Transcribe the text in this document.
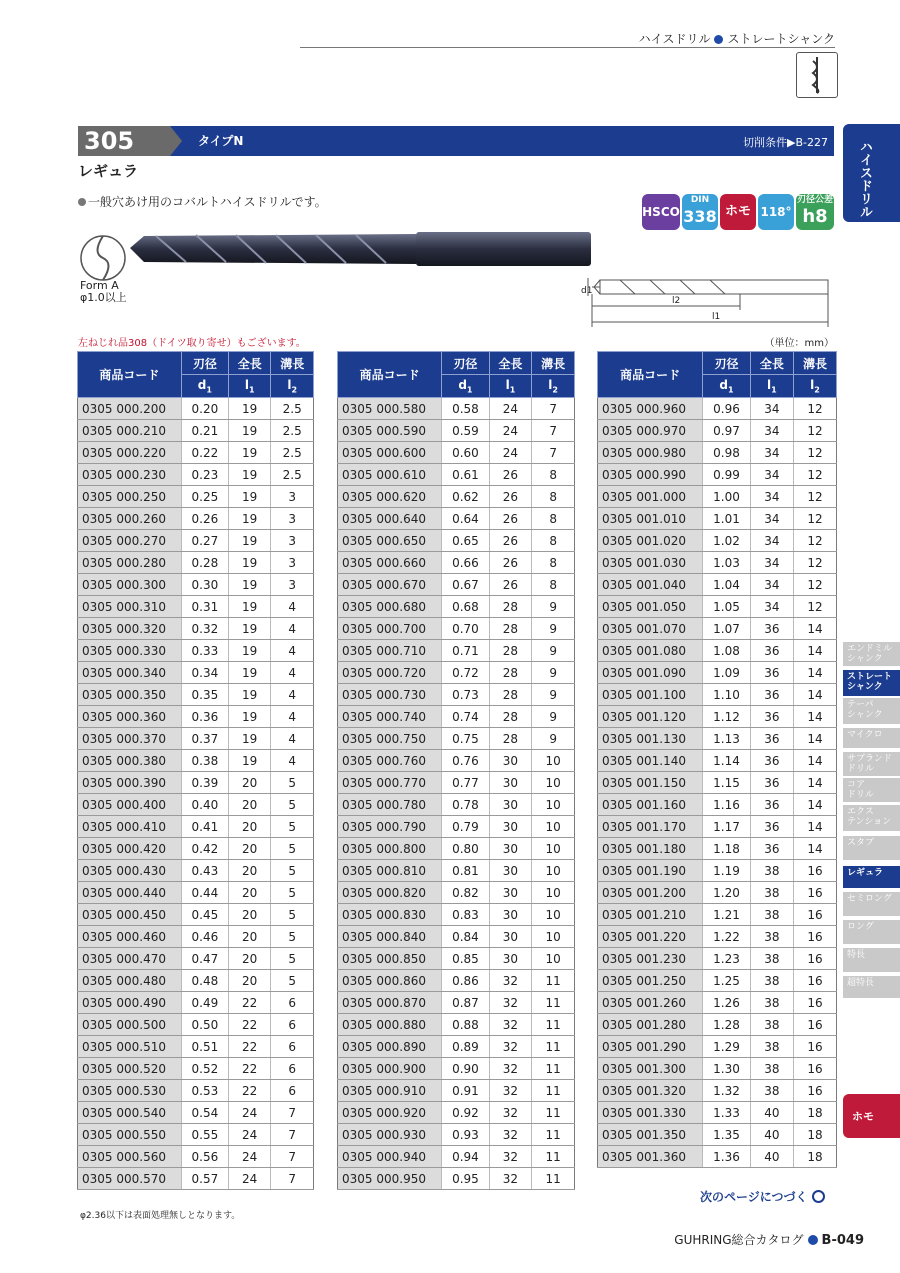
ハイスドリル ストレートシャンク
305	タイプN	切削条件▶B-227
レギュラ
一般穴あけ用のコバルトハイスドリルです。
HSCO
DIN
338 ホモ 118°
刃径公差
h8
Form A
φ1.0以上	d1
l2
l1
左ねじれ品308（ドイツ取り寄せ）もございます。	（単位：mm）
商品コード	刃径	全長	溝長
	$d_1$	$l_1$	$l_2$
0305 000.200	0.20	19	2.5
0305 000.210	0.21	19	2.5
0305 000.220	0.22	19	2.5
0305 000.230	0.23	19	2.5
0305 000.250	0.25	19	3
0305 000.260	0.26	19	3
0305 000.270	0.27	19	3
0305 000.280	0.28	19	3
0305 000.300	0.30	19	3
0305 000.310	0.31	19	4
0305 000.320	0.32	19	4
0305 000.330	0.33	19	4
0305 000.340	0.34	19	4
0305 000.350	0.35	19	4
0305 000.360	0.36	19	4
0305 000.370	0.37	19	4
0305 000.380	0.38	19	4
0305 000.390	0.39	20	5
0305 000.400	0.40	20	5
0305 000.410	0.41	20	5
0305 000.420	0.42	20	5
0305 000.430	0.43	20	5
0305 000.440	0.44	20	5
0305 000.450	0.45	20	5
0305 000.460	0.46	20	5
0305 000.470	0.47	20	5
0305 000.480	0.48	20	5
0305 000.490	0.49	22	6
0305 000.500	0.50	22	6
0305 000.510	0.51	22	6
0305 000.520	0.52	22	6
0305 000.530	0.53	22	6
0305 000.540	0.54	24	7
0305 000.550	0.55	24	7
0305 000.560	0.56	24	7
0305 000.570	0.57	24	7
商品コード	刃径	全長	溝長
	$d_1$	$l_1$	$l_2$
0305 000.580	0.58	24	7
0305 000.590	0.59	24	7
0305 000.600	0.60	24	7
0305 000.610	0.61	26	8
0305 000.620	0.62	26	8
0305 000.640	0.64	26	8
0305 000.650	0.65	26	8
0305 000.660	0.66	26	8
0305 000.670	0.67	26	8
0305 000.680	0.68	28	9
0305 000.700	0.70	28	9
0305 000.710	0.71	28	9
0305 000.720	0.72	28	9
0305 000.730	0.73	28	9
0305 000.740	0.74	28	9
0305 000.750	0.75	28	9
0305 000.760	0.76	30	10
0305 000.770	0.77	30	10
0305 000.780	0.78	30	10
0305 000.790	0.79	30	10
0305 000.800	0.80	30	10
0305 000.810	0.81	30	10
0305 000.820	0.82	30	10
0305 000.830	0.83	30	10
0305 000.840	0.84	30	10
0305 000.850	0.85	30	10
0305 000.860	0.86	32	11
0305 000.870	0.87	32	11
0305 000.880	0.88	32	11
0305 000.890	0.89	32	11
0305 000.900	0.90	32	11
0305 000.910	0.91	32	11
0305 000.920	0.92	32	11
0305 000.930	0.93	32	11
0305 000.940	0.94	32	11
0305 000.950	0.95	32	11
商品コード	刃径	全長	溝長
	$d_1$	$l_1$	$l_2$
0305 000.960	0.96	34	12
0305 000.970	0.97	34	12
0305 000.980	0.98	34	12
0305 000.990	0.99	34	12
0305 001.000	1.00	34	12
0305 001.010	1.01	34	12
0305 001.020	1.02	34	12
0305 001.030	1.03	34	12
0305 001.040	1.04	34	12
0305 001.050	1.05	34	12
0305 001.070	1.07	36	14
0305 001.080	1.08	36	14
0305 001.090	1.09	36	14
0305 001.100	1.10	36	14
0305 001.120	1.12	36	14
0305 001.130	1.13	36	14
0305 001.140	1.14	36	14
0305 001.150	1.15	36	14
0305 001.160	1.16	36	14
0305 001.170	1.17	36	14
0305 001.180	1.18	36	14
0305 001.190	1.19	38	16
0305 001.200	1.20	38	16
0305 001.210	1.21	38	16
0305 001.220	1.22	38	16
0305 001.230	1.23	38	16
0305 001.250	1.25	38	16
0305 001.260	1.26	38	16
0305 001.280	1.28	38	16
0305 001.290	1.29	38	16
0305 001.300	1.30	38	16
0305 001.320	1.32	38	16
0305 001.330	1.33	40	18
0305 001.350	1.35	40	18
0305 001.360	1.36	40	18
φ2.36以下は表面処理無しとなります。
次のページにつづく
GUHRING総合カタログ B-049
ハイスドリル
エンドミル
シャンク
ストレート
シャンク
テーパ
シャンク
マイクロ
サブランド
ドリル
コア
ドリル
エクス
テンション
スタブ
レギュラ
セミロング
ロング
特長
超特長
ホモ
